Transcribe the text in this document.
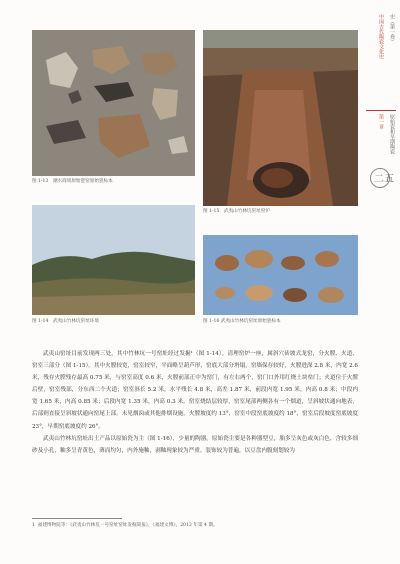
中国古代陶瓷文化史	史（第一卷）
第一章	原始瓷和早期陶瓷
二五
图 1-13　潮水商周原始瓷窑原始瓷标本
图 1-15　武夷山竹林坑窑址窑炉
图 1-14　武夷山竹林坑窑址环境	图 1-16 武夷山竹林坑窑址原始瓷标本

武夷山窑址目前发现两三处，其中竹林坑一号窑址经过发掘¹（图 1-14）。清理窑炉一座，属斜穴砖坡式龙窑，分火膛、火道、窑室三部分（图 1-15）。其中火膛较宽，窑室较窄，平面略呈葫芦形，窑底大部分坍塌，窑墙保存较好，火膛进深 2.8 米，内宽 2.6 米，残存火膛残存最高 0.75 米，与窑室高度 0.6 米，火膛前部正中为窑门，有左右两个，窑门口外用红烧土块垒门；火道位于火膛后壁，窑室残部，分东西二个火道；窑室斜长 5.2 米，水平残长 4.8 米，高差 1.87 米，前段内宽 1.95 米，内高 0.8 米；中段内宽 1.65 米，内高 0.85 米；后段内宽 1.35 米，内高 0.3 米。窑室烧结层较厚，窑室尾部两侧各有一个烟道，呈斜坡状通向地表，后部则直接呈斜坡状通向窑尾上部。未见烟囱或其他排烟设施。火膛坡度约 13°，窑室中段窑底坡度约 18°，窑室后段坡度窑底坡度 23°，早期窑底坡度约 26°。

武夷山竹林坑窑址出土产品以原始瓷为主（图 1-16），少量的陶器。原始瓷主要是各种器型豆，胎多呈灰色或灰白色，含较多细砂及小孔，釉多呈青黄色，薄而均匀，内外施釉，剥釉现象较为严重。装饰较为普遍，以豆盘内腹刻划较为

1 福建博物院等：《武夷山竹林坑一号窑址窑址发掘简报》，《福建文博》，2012 年第 4 期。
